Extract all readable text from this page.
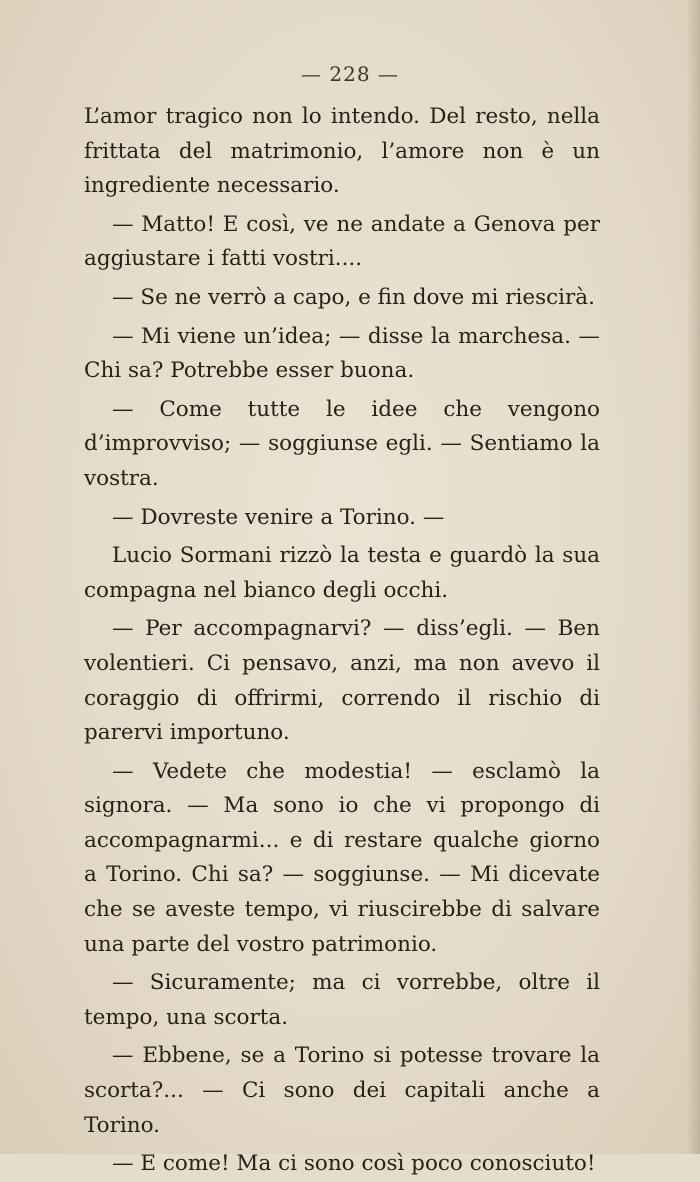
— 228 —

L’amor tragico non lo intendo. Del resto, nella frittata del matrimonio, l’amore non è un ingrediente necessario.

— Matto! E così, ve ne andate a Genova per aggiustare i fatti vostri....

— Se ne verrò a capo, e fin dove mi riescirà.

— Mi viene un’idea; — disse la marchesa. — Chi sa? Potrebbe esser buona.

— Come tutte le idee che vengono d’improvviso; — soggiunse egli. — Sentiamo la vostra.

— Dovreste venire a Torino. —

Lucio Sormani rizzò la testa e guardò la sua compagna nel bianco degli occhi.

— Per accompagnarvi? — diss’egli. — Ben volentieri. Ci pensavo, anzi, ma non avevo il coraggio di offrirmi, correndo il rischio di parervi importuno.

— Vedete che modestia! — esclamò la signora. — Ma sono io che vi propongo di accompagnarmi... e di restare qualche giorno a Torino. Chi sa? — soggiunse. — Mi dicevate che se aveste tempo, vi riuscirebbe di salvare una parte del vostro patrimonio.

— Sicuramente; ma ci vorrebbe, oltre il tempo, una scorta.

— Ebbene, se a Torino si potesse trovare la scorta?... — Ci sono dei capitali anche a Torino.

— E come! Ma ci sono così poco conosciuto!
